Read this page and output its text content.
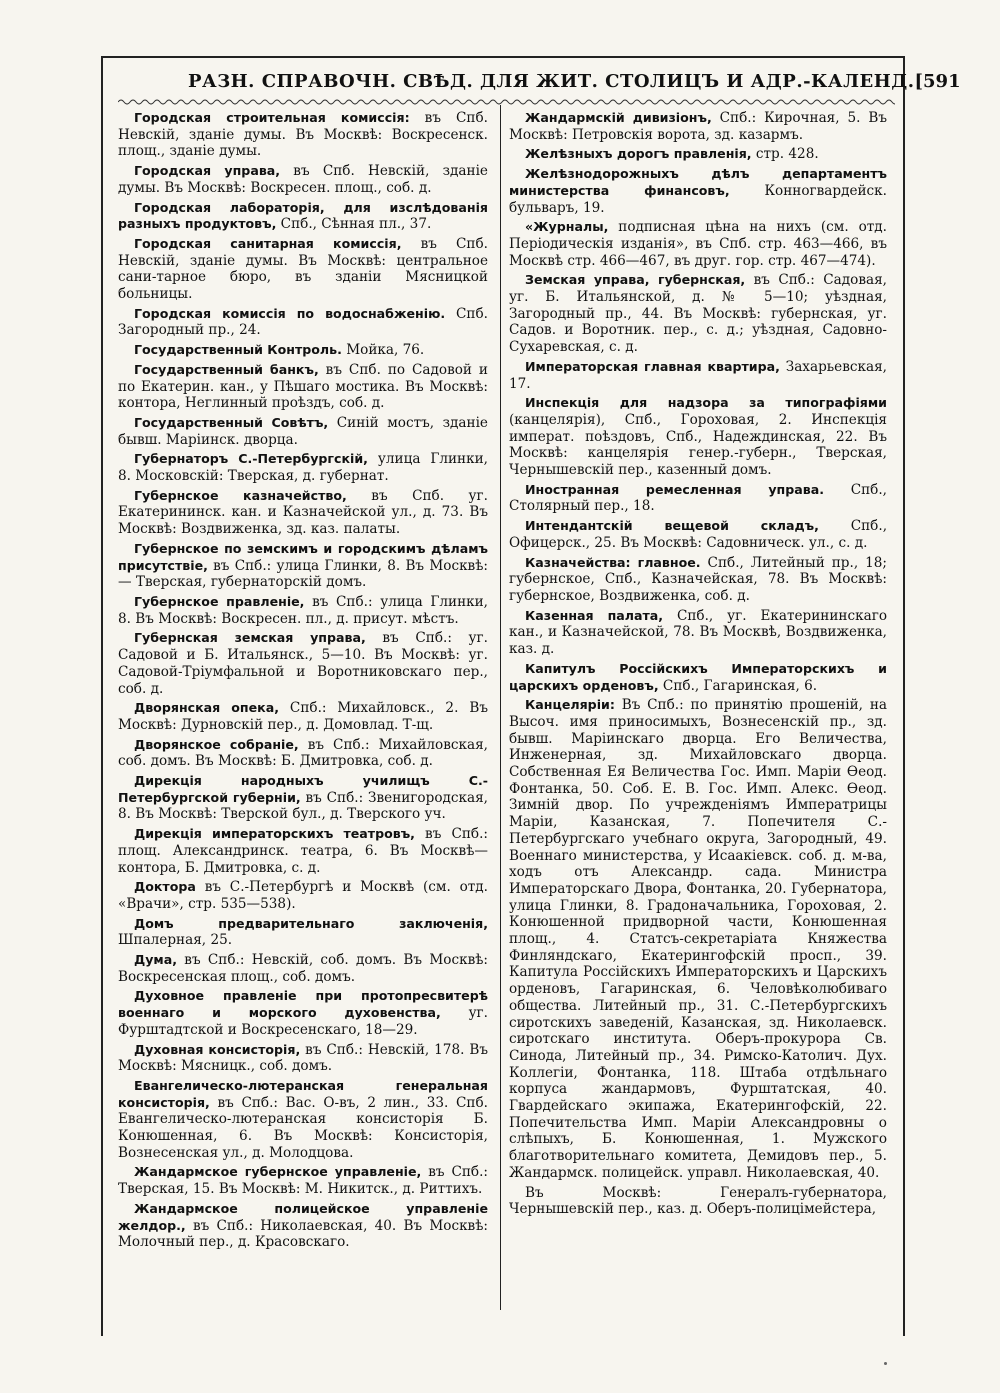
РАЗН. СПРАВОЧН. СВѢД. ДЛЯ ЖИТ. СТОЛИЦЪ И АДР.-КАЛЕНД. [591

Городская строительная комиссія: въ Спб. Невскій, зданіе думы. Въ Москвѣ: Воскресенск. площ., зданіе думы.

Городская управа, въ Спб. Невскій, зданіе думы. Въ Москвѣ: Воскресен. площ., соб. д.

Городская лабораторія, для изслѣдованія разныхъ продуктовъ, Спб., Сѣнная пл., 37.

Городская санитарная комиссія, въ Спб. Невскій, зданіе думы. Въ Москвѣ: центральное сани-тарное бюро, въ зданіи Мясницкой больницы.

Городская комиссія по водоснабженію. Спб. Загородный пр., 24.

Государственный Контроль. Мойка, 76.

Государственный банкъ, въ Спб. по Садовой и по Екатерин. кан., у Пѣшаго мостика. Въ Москвѣ: контора, Неглинный проѣздъ, соб. д.

Государственный Совѣтъ, Синій мостъ, зданіе бывш. Маріинск. дворца.

Губернаторъ С.-Петербургскій, улица Глинки, 8. Московскій: Тверская, д. губернат.

Губернское казначейство, въ Спб. уг. Екатерининск. кан. и Казначейской ул., д. 73. Въ Москвѣ: Воздвиженка, зд. каз. палаты.

Губернское по земскимъ и городскимъ дѣламъ присутствіе, въ Спб.: улица Глинки, 8. Въ Москвѣ: — Тверская, губернаторскій домъ.

Губернское правленіе, въ Спб.: улица Глинки, 8. Въ Москвѣ: Воскресен. пл., д. присут. мѣстъ.

Губернская земская управа, въ Спб.: уг. Садовой и Б. Итальянск., 5—10. Въ Москвѣ: уг. Садовой-Тріумфальной и Воротниковскаго пер., соб. д.

Дворянская опека, Спб.: Михайловск., 2. Въ Москвѣ: Дурновскій пер., д. Домовлад. Т-щ.

Дворянское собраніе, въ Спб.: Михайловская, соб. домъ. Въ Москвѣ: Б. Дмитровка, соб. д.

Дирекція народныхъ училищъ С.-Петербургской губерніи, въ Спб.: Звенигородская, 8. Въ Москвѣ: Тверской бул., д. Тверского уч.

Дирекція императорскихъ театровъ, въ Спб.: площ. Александринск. театра, 6. Въ Москвѣ—контора, Б. Дмитровка, с. д.

Доктора въ С.-Петербургѣ и Москвѣ (см. отд. «Врачи», стр. 535—538).

Домъ предварительнаго заключенія, Шпалерная, 25.

Дума, въ Спб.: Невскій, соб. домъ. Въ Москвѣ: Воскресенская площ., соб. домъ.

Духовное правленіе при протопресвитерѣ военнаго и морского духовенства, уг. Фурштадтской и Воскресенскаго, 18—29.

Духовная консисторія, въ Спб.: Невскій, 178. Въ Москвѣ: Мясницк., соб. домъ.

Евангелическо-лютеранская генеральная консисторія, въ Спб.: Вас. О-въ, 2 лин., 33. Спб. Евангелическо-лютеранская консисторія Б. Конюшенная, 6. Въ Москвѣ: Консисторія, Вознесенская ул., д. Молодцова.

Жандармское губернское управленіе, въ Спб.: Тверская, 15. Въ Москвѣ: М. Никитск., д. Риттихъ.

Жандармское полицейское управленіе желдор., въ Спб.: Николаевская, 40. Въ Москвѣ: Молочный пер., д. Красовскаго.

Жандармскій дивизіонъ, Спб.: Кирочная, 5. Въ Москвѣ: Петровскія ворота, зд. казармъ.

Желѣзныхъ дорогъ правленія, стр. 428.

Желѣзнодорожныхъ дѣлъ департаментъ министерства финансовъ, Конногвардейск. бульваръ, 19.

«Журналы, подписная цѣна на нихъ (см. отд. Періодическія изданія», въ Спб. стр. 463—466, въ Москвѣ стр. 466—467, въ друг. гор. стр. 467—474).

Земская управа, губернская, въ Спб.: Садовая, уг. Б. Итальянской, д. № 5—10; уѣздная, Загородный пр., 44. Въ Москвѣ: губернская, уг. Садов. и Воротник. пер., с. д.; уѣздная, Садовно-Сухаревская, с. д.

Императорская главная квартира, Захарьевская, 17.

Инспекція для надзора за типографіями (канцелярія), Спб., Гороховая, 2. Инспекція императ. поѣздовъ, Спб., Надеждинская, 22. Въ Москвѣ: канцелярія генер.-губерн., Тверская, Чернышевскій пер., казенный домъ.

Иностранная ремесленная управа. Спб., Столярный пер., 18.

Интендантскій вещевой складъ, Спб., Офицерск., 25. Въ Москвѣ: Садовническ. ул., с. д.

Казначейства: главное. Спб., Литейный пр., 18; губернское, Спб., Казначейская, 78. Въ Москвѣ: губернское, Воздвиженка, соб. д.

Казенная палата, Спб., уг. Екатерининскаго кан., и Казначейской, 78. Въ Москвѣ, Воздвиженка, каз. д.

Капитулъ Россійскихъ Императорскихъ и царскихъ орденовъ, Спб., Гагаринская, 6.

Канцеляріи: Въ Спб.: по принятію прошеній, на Высоч. имя приносимыхъ, Вознесенскій пр., зд. бывш. Маріинскаго дворца. Его Величества, Инженерная, зд. Михайловскаго дворца. Собственная Ея Величества Гос. Имп. Маріи Ѳеод. Фонтанка, 50. Соб. Е. В. Гос. Имп. Алекс. Ѳеод. Зимній двор. По учрежденіямъ Императрицы Маріи, Казанская, 7. Попечителя С.-Петербургскаго учебнаго округа, Загородный, 49. Военнаго министерства, у Исаакіевск. соб. д. м-ва, ходъ отъ Александр. сада. Министра Императорскаго Двора, Фонтанка, 20. Губернатора, улица Глинки, 8. Градоначальника, Гороховая, 2. Конюшенной придворной части, Конюшенная площ., 4. Статсъ-секретаріата Княжества Финляндскаго, Екатерингофскій просп., 39. Капитула Россійскихъ Императорскихъ и Царскихъ орденовъ, Гагаринская, 6. Человѣколюбиваго общества. Литейный пр., 31. С.-Петербургскихъ сиротскихъ заведеній, Казанская, зд. Николаевск. сиротскаго института. Оберъ-прокурора Св. Синода, Литейный пр., 34. Римско-Католич. Дух. Коллегіи, Фонтанка, 118. Штаба отдѣльнаго корпуса жандармовъ, Фурштатская, 40. Гвардейскаго экипажа, Екатерингофскій, 22. Попечительства Имп. Маріи Александровны о слѣпыхъ, Б. Конюшенная, 1. Мужского благотворительнаго комитета, Демидовъ пер., 5. Жандармск. полицейск. управл. Николаевская, 40.

Въ Москвѣ: Генералъ-губернатора, Чернышевскій пер., каз. д. Оберъ-полицімейстера,
